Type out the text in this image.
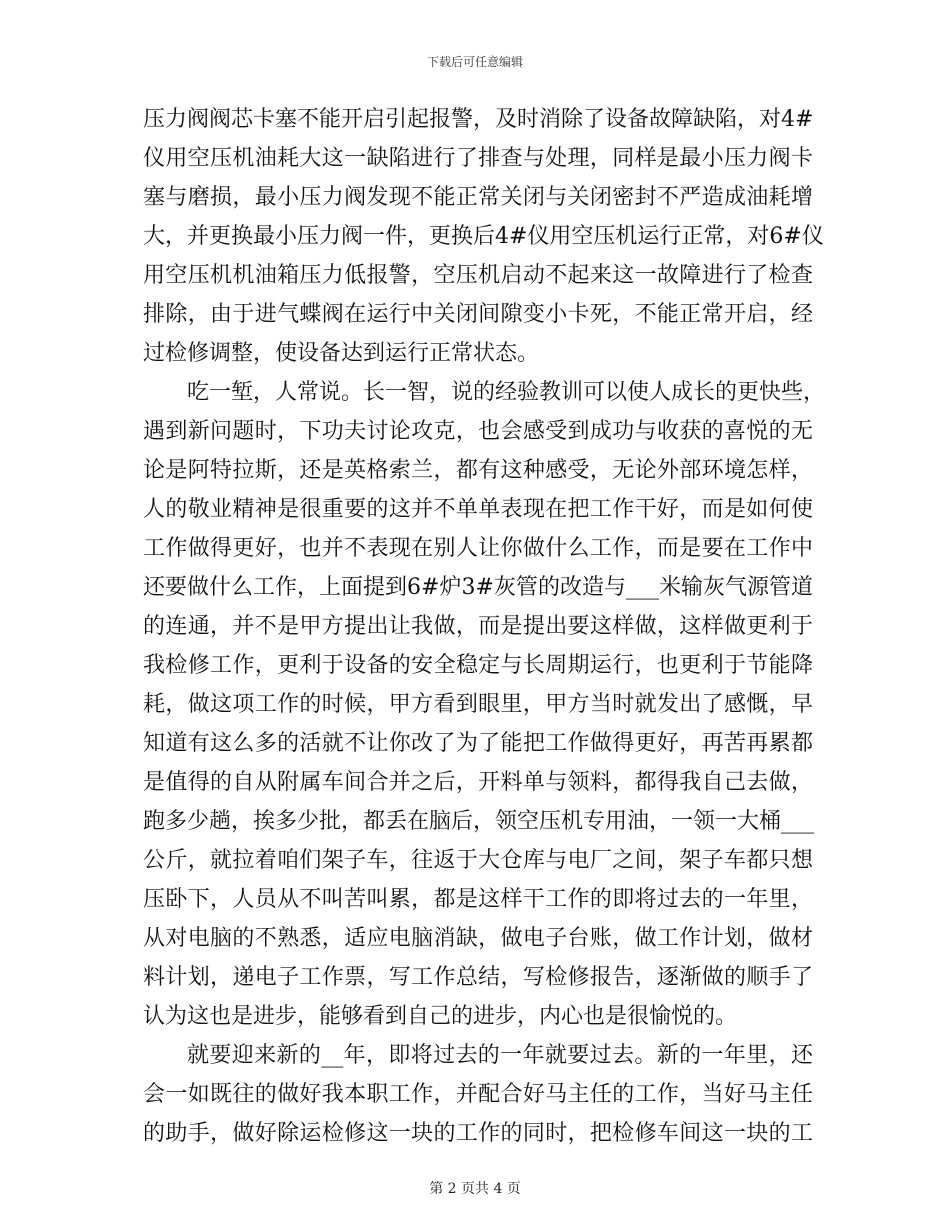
下载后可任意编辑
压力阀阀芯卡塞不能开启引起报警，及时消除了设备故障缺陷，对4#
仪用空压机油耗大这一缺陷进行了排查与处理，同样是最小压力阀卡
塞与磨损，最小压力阀发现不能正常关闭与关闭密封不严造成油耗增
大，并更换最小压力阀一件，更换后4#仪用空压机运行正常，对6#仪
用空压机机油箱压力低报警，空压机启动不起来这一故障进行了检查
排除，由于进气蝶阀在运行中关闭间隙变小卡死，不能正常开启，经
过检修调整，使设备达到运行正常状态。
吃一堑，人常说。长一智，说的经验教训可以使人成长的更快些，
遇到新问题时，下功夫讨论攻克，也会感受到成功与收获的喜悦的无
论是阿特拉斯，还是英格索兰，都有这种感受，无论外部环境怎样，
人的敬业精神是很重要的这并不单单表现在把工作干好，而是如何使
工作做得更好，也并不表现在别人让你做什么工作，而是要在工作中
还要做什么工作，上面提到6#炉3#灰管的改造与___米输灰气源管道
的连通，并不是甲方提出让我做，而是提出要这样做，这样做更利于
我检修工作，更利于设备的安全稳定与长周期运行，也更利于节能降
耗，做这项工作的时候，甲方看到眼里，甲方当时就发出了感慨，早
知道有这么多的活就不让你改了为了能把工作做得更好，再苦再累都
是值得的自从附属车间合并之后，开料单与领料，都得我自己去做，
跑多少趟，挨多少批，都丢在脑后，领空压机专用油，一领一大桶___
公斤，就拉着咱们架子车，往返于大仓库与电厂之间，架子车都只想
压卧下，人员从不叫苦叫累，都是这样干工作的即将过去的一年里，
从对电脑的不熟悉，适应电脑消缺，做电子台账，做工作计划，做材
料计划，递电子工作票，写工作总结，写检修报告，逐渐做的顺手了
认为这也是进步，能够看到自己的进步，内心也是很愉悦的。
就要迎来新的__年，即将过去的一年就要过去。新的一年里，还
会一如既往的做好我本职工作，并配合好马主任的工作，当好马主任
的助手，做好除运检修这一块的工作的同时，把检修车间这一块的工
第 2 页共 4 页
